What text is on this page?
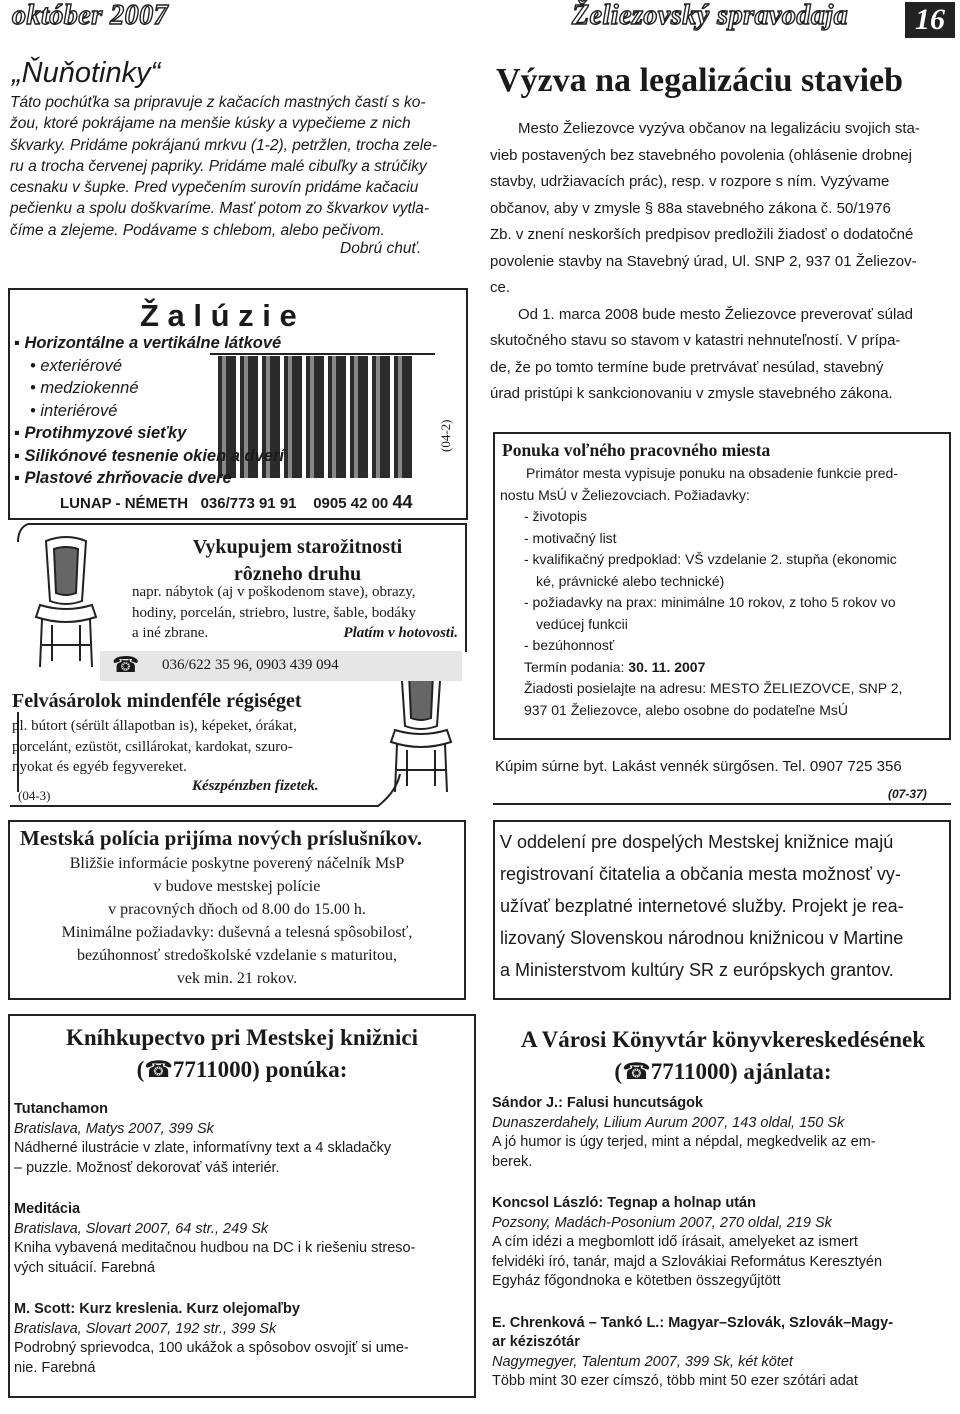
október 2007	Želiezovský spravodaja	16
„Ňuňotinky“
Táto pochúťka sa pripravuje z kačacích mastných častí s ko-
žou, ktoré pokrájame na menšie kúsky a vypečieme z nich
škvarky. Pridáme pokrájanú mrkvu (1-2), petržlen, trocha zele-
ru a trocha červenej papriky. Pridáme malé cibuľky a strúčiky
cesnaku v šupke. Pred vypečením surovín pridáme kačaciu
pečienku a spolu doškvaríme. Masť potom zo škvarkov vytla-
číme a zlejeme. Podávame s chlebom, alebo pečivom.
Dobrú chuť.
Ž a l ú z i e
▪ Horizontálne a vertikálne látkové
• exteriérové
• medziokenné
• interiérové
▪ Protihmyzové sieťky
▪ Silikónové tesnenie okien a dverí
▪ Plastové zhrňovacie dvere
LUNAP - NÉMETH 036/773 91 91 0905 42 00 44
(04-2)
Vykupujem starožitnosti
rôzneho druhu
napr. nábytok (aj v poškodenom stave), obrazy,
hodiny, porcelán, striebro, lustre, šable, bodáky
a iné zbrane.	Platím v hotovosti.
☎ 036/622 35 96, 0903 439 094
Felvásárolok mindenféle régiséget
pl. bútort (sérült állapotban is), képeket, órákat,
porcelánt, ezüstöt, csillárokat, kardokat, szuro-
nyokat és egyéb fegyvereket.
Készpénzben fizetek.
(04-3)
Mestská polícia prijíma nových príslušníkov.
Bližšie informácie poskytne poverený náčelník MsP
v budove mestskej polície
v pracovných dňoch od 8.00 do 15.00 h.
Minimálne požiadavky: duševná a telesná spôsobilosť,
bezúhonnosť stredoškolské vzdelanie s maturitou,
vek min. 21 rokov.
Výzva na legalizáciu stavieb
Mesto Želiezovce vyzýva občanov na legalizáciu svojich sta-
vieb postavených bez stavebného povolenia (ohlásenie drobnej
stavby, udržiavacích prác), resp. v rozpore s ním. Vyzývame
občanov, aby v zmysle § 88a stavebného zákona č. 50/1976
Zb. v znení neskorších predpisov predložili žiadosť o dodatočné
povolenie stavby na Stavebný úrad, Ul. SNP 2, 937 01 Želiezov-
ce.
Od 1. marca 2008 bude mesto Želiezovce preverovať súlad
skutočného stavu so stavom v katastri nehnuteľností. V prípa-
de, že po tomto termíne bude pretrvávať nesúlad, stavebný
úrad pristúpi k sankcionovaniu v zmysle stavebného zákona.
Ponuka voľného pracovného miesta
Primátor mesta vypisuje ponuku na obsadenie funkcie pred-
nostu MsÚ v Želiezovciach. Požiadavky:
- životopis
- motivačný list
- kvalifikačný predpoklad: VŠ vzdelanie 2. stupňa (ekonomic
ké, právnické alebo technické)
- požiadavky na prax: minimálne 10 rokov, z toho 5 rokov vo
vedúcej funkcii
- bezúhonnosť
Termín podania: 30. 11. 2007
Žiadosti posielajte na adresu: MESTO ŽELIEZOVCE, SNP 2,
937 01 Želiezovce, alebo osobne do podateľne MsÚ
Kúpim súrne byt. Lakást vennék sürgősen. Tel. 0907 725 356
(07-37)
V oddelení pre dospelých Mestskej knižnice majú
registrovaní čitatelia a občania mesta možnosť vy-
užívať bezplatné internetové služby. Projekt je rea-
lizovaný Slovenskou národnou knižnicou v Martine
a Ministerstvom kultúry SR z európskych grantov.
Kníhkupectvo pri Mestskej knižnici
(☎7711000) ponúka:
Tutanchamon
Bratislava, Matys 2007, 399 Sk
Nádherné ilustrácie v zlate, informatívny text a 4 skladačky
– puzzle. Možnosť dekorovať váš interiér.
Meditácia
Bratislava, Slovart 2007, 64 str., 249 Sk
Kniha vybavená meditačnou hudbou na DC i k riešeniu streso-
vých situácií. Farebná
M. Scott: Kurz kreslenia. Kurz olejomaľby
Bratislava, Slovart 2007, 192 str., 399 Sk
Podrobný sprievodca, 100 ukážok a spôsobov osvojiť si ume-
nie. Farebná
A Városi Könyvtár könyvkereskedésének
(☎7711000) ajánlata:
Sándor J.: Falusi huncutságok
Dunaszerdahely, Lilium Aurum 2007, 143 oldal, 150 Sk
A jó humor is úgy terjed, mint a népdal, megkedvelik az em-
berek.
Koncsol László: Tegnap a holnap után
Pozsony, Madách-Posonium 2007, 270 oldal, 219 Sk
A cím idézi a megbomlott idő írásait, amelyeket az ismert
felvidéki író, tanár, majd a Szlovákiai Református Keresztyén
Egyház főgondnoka e kötetben összegyűjtött
E. Chrenková – Tankó L.: Magyar–Szlovák, Szlovák–Magy-
ar kéziszótár
Nagymegyer, Talentum 2007, 399 Sk, két kötet
Több mint 30 ezer címszó, több mint 50 ezer szótári adat
